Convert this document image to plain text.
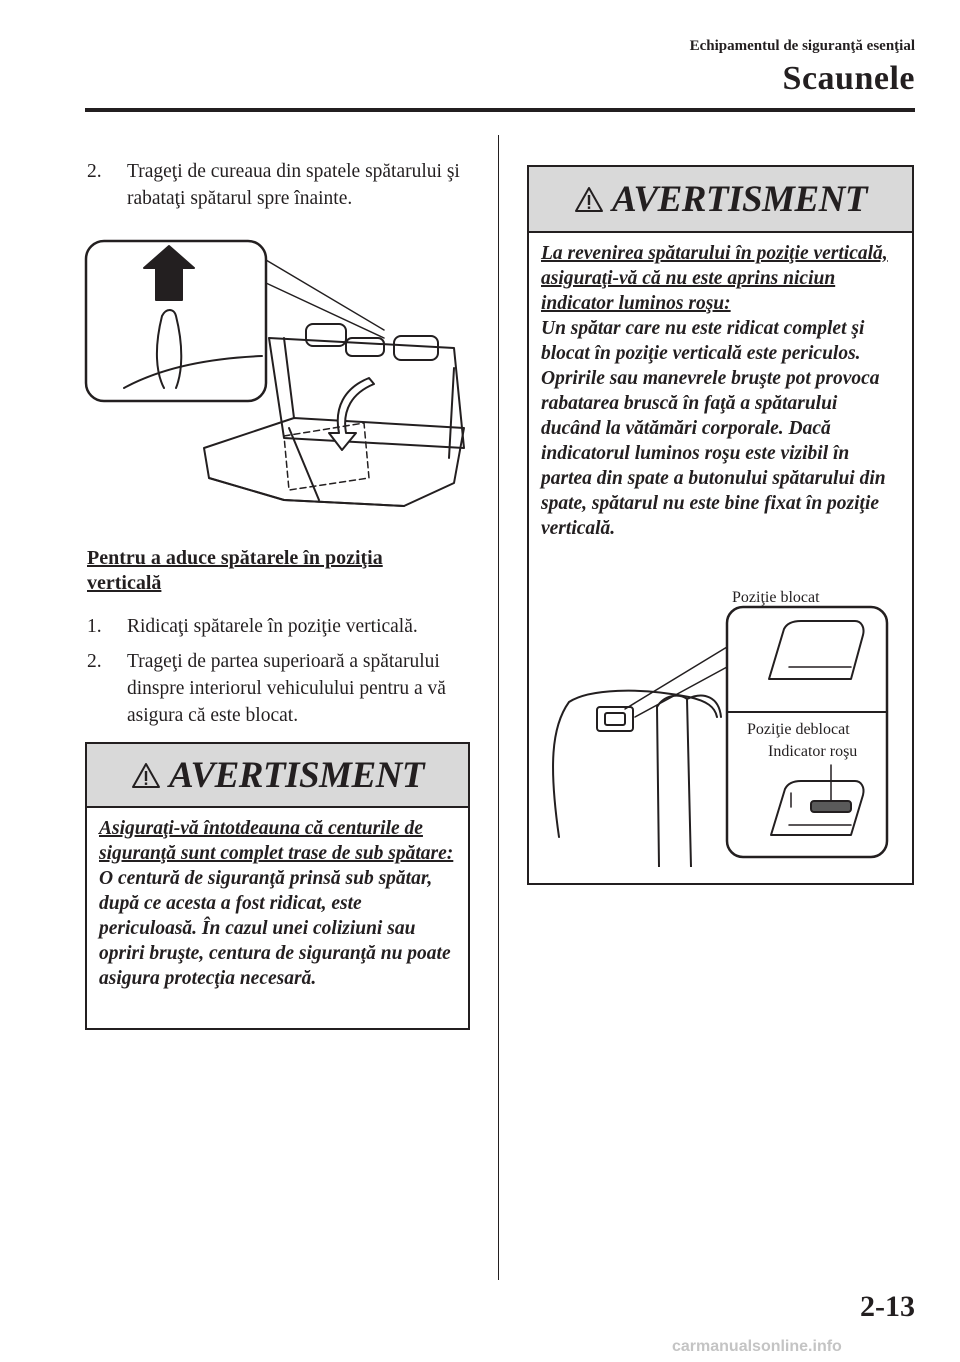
Echipamentul de siguranţă esenţial
Scaunele
2. Trageţi de cureaua din spatele spătarului şi rabataţi spătarul spre înainte.
Pentru a aduce spătarele în poziţia verticală
1. Ridicaţi spătarele în poziţie verticală.
2. Trageţi de partea superioară a spătarului dinspre interiorul vehiculului pentru a vă asigura că este blocat.
AVERTISMENT
Asiguraţi-vă întotdeauna că centurile de siguranţă sunt complet trase de sub spătare:
O centură de siguranţă prinsă sub spătar, după ce acesta a fost ridicat, este periculoasă. În cazul unei coliziuni sau opriri bruşte, centura de siguranţă nu poate asigura protecţia necesară.
AVERTISMENT
La revenirea spătarului în poziţie verticală, asiguraţi-vă că nu este aprins niciun indicator luminos roşu:
Un spătar care nu este ridicat complet şi blocat în poziţie verticală este periculos. Opririle sau manevrele bruşte pot provoca rabatarea bruscă în faţă a spătarului ducând la vătămări corporale. Dacă indicatorul luminos roşu este vizibil în partea din spate a butonului spătarului din spate, spătarul nu este bine fixat în poziţie verticală.
Poziţie blocat
Poziţie deblocat
Indicator roşu
2-13
carmanualsonline.info
